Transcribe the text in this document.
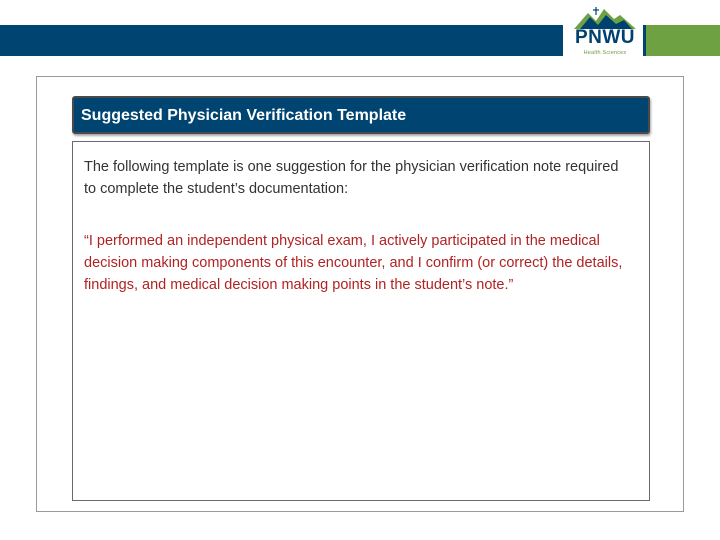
PNWU
Health Sciences
Suggested Physician Verification Template

The following template is one suggestion for the physician verification note required to complete the student’s documentation:

“I performed an independent physical exam, I actively participated in the medical decision making components of this encounter, and I confirm (or correct) the details, findings, and medical decision making points in the student’s note.”
